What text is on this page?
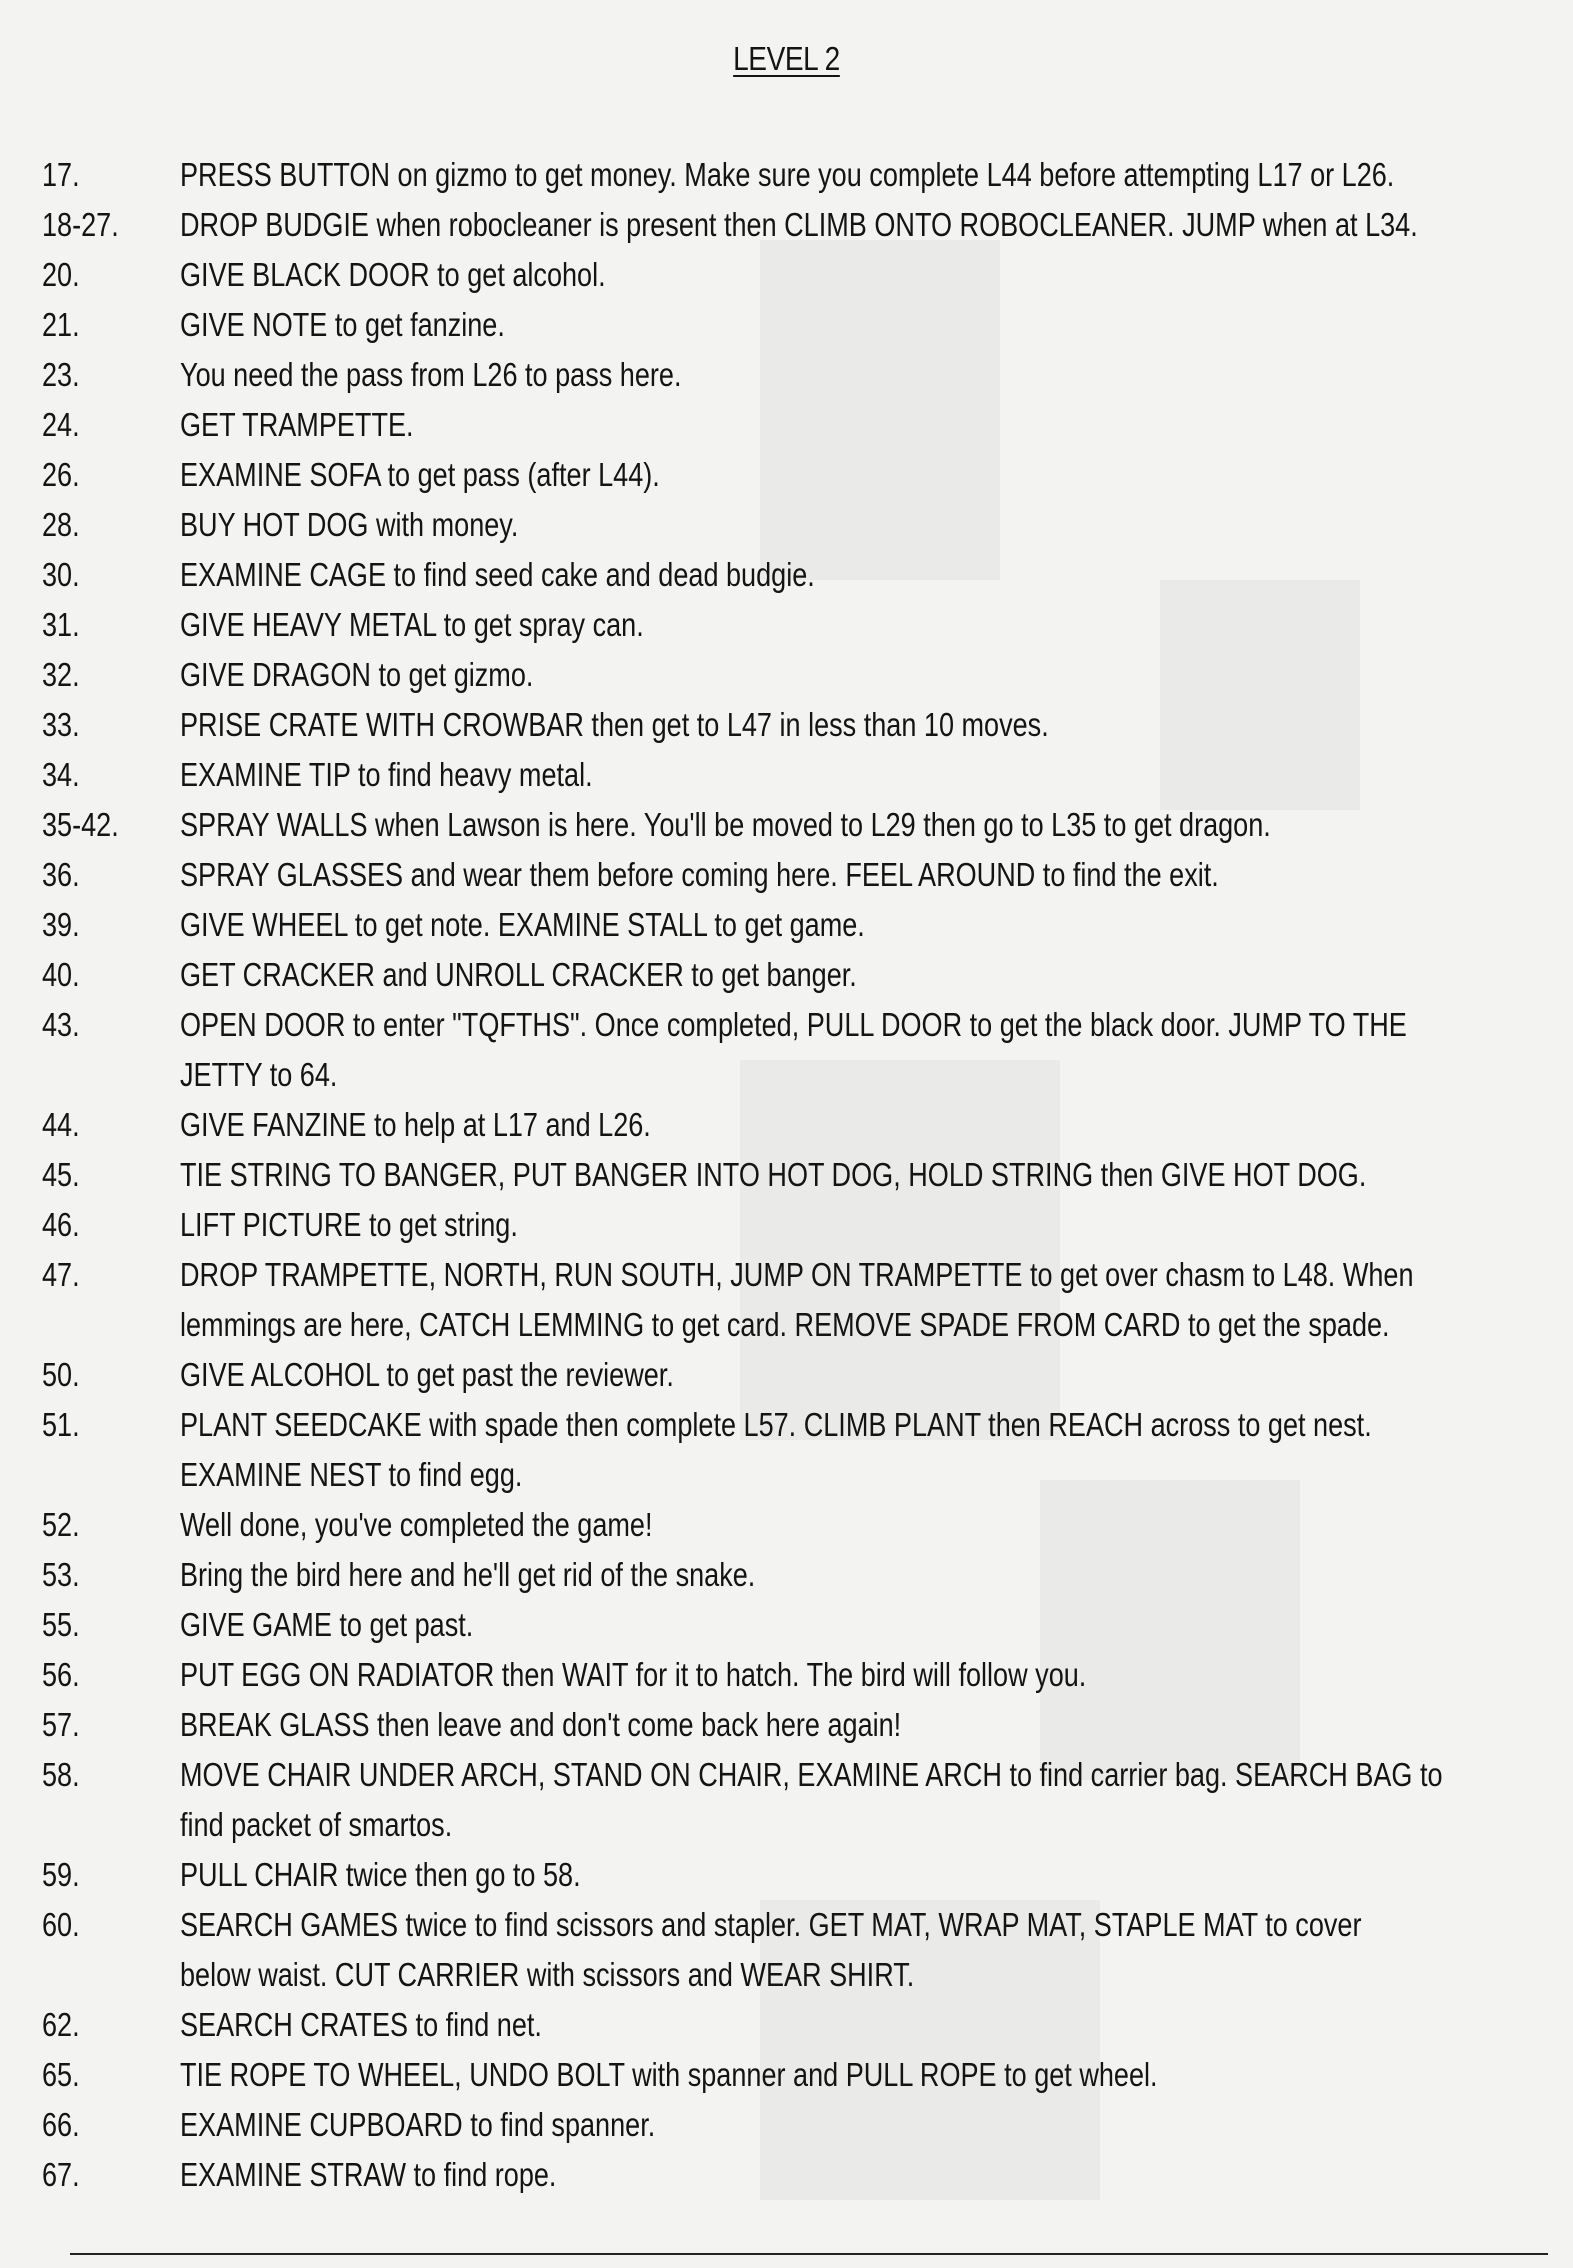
LEVEL 2
17.	PRESS BUTTON on gizmo to get money. Make sure you complete L44 before attempting L17 or L26.
18-27.	DROP BUDGIE when robocleaner is present then CLIMB ONTO ROBOCLEANER. JUMP when at L34.
20.	GIVE BLACK DOOR to get alcohol.
21.	GIVE NOTE to get fanzine.
23.	You need the pass from L26 to pass here.
24.	GET TRAMPETTE.
26.	EXAMINE SOFA to get pass (after L44).
28.	BUY HOT DOG with money.
30.	EXAMINE CAGE to find seed cake and dead budgie.
31.	GIVE HEAVY METAL to get spray can.
32.	GIVE DRAGON to get gizmo.
33.	PRISE CRATE WITH CROWBAR then get to L47 in less than 10 moves.
34.	EXAMINE TIP to find heavy metal.
35-42.	SPRAY WALLS when Lawson is here. You'll be moved to L29 then go to L35 to get dragon.
36.	SPRAY GLASSES and wear them before coming here. FEEL AROUND to find the exit.
39.	GIVE WHEEL to get note. EXAMINE STALL to get game.
40.	GET CRACKER and UNROLL CRACKER to get banger.
43.	OPEN DOOR to enter "TQFTHS". Once completed, PULL DOOR to get the black door. JUMP TO THE
JETTY to 64.
44.	GIVE FANZINE to help at L17 and L26.
45.	TIE STRING TO BANGER, PUT BANGER INTO HOT DOG, HOLD STRING then GIVE HOT DOG.
46.	LIFT PICTURE to get string.
47.	DROP TRAMPETTE, NORTH, RUN SOUTH, JUMP ON TRAMPETTE to get over chasm to L48. When
lemmings are here, CATCH LEMMING to get card. REMOVE SPADE FROM CARD to get the spade.
50.	GIVE ALCOHOL to get past the reviewer.
51.	PLANT SEEDCAKE with spade then complete L57. CLIMB PLANT then REACH across to get nest.
EXAMINE NEST to find egg.
52.	Well done, you've completed the game!
53.	Bring the bird here and he'll get rid of the snake.
55.	GIVE GAME to get past.
56.	PUT EGG ON RADIATOR then WAIT for it to hatch. The bird will follow you.
57.	BREAK GLASS then leave and don't come back here again!
58.	MOVE CHAIR UNDER ARCH, STAND ON CHAIR, EXAMINE ARCH to find carrier bag. SEARCH BAG to
find packet of smartos.
59.	PULL CHAIR twice then go to 58.
60.	SEARCH GAMES twice to find scissors and stapler. GET MAT, WRAP MAT, STAPLE MAT to cover
below waist. CUT CARRIER with scissors and WEAR SHIRT.
62.	SEARCH CRATES to find net.
65.	TIE ROPE TO WHEEL, UNDO BOLT with spanner and PULL ROPE to get wheel.
66.	EXAMINE CUPBOARD to find spanner.
67.	EXAMINE STRAW to find rope.
